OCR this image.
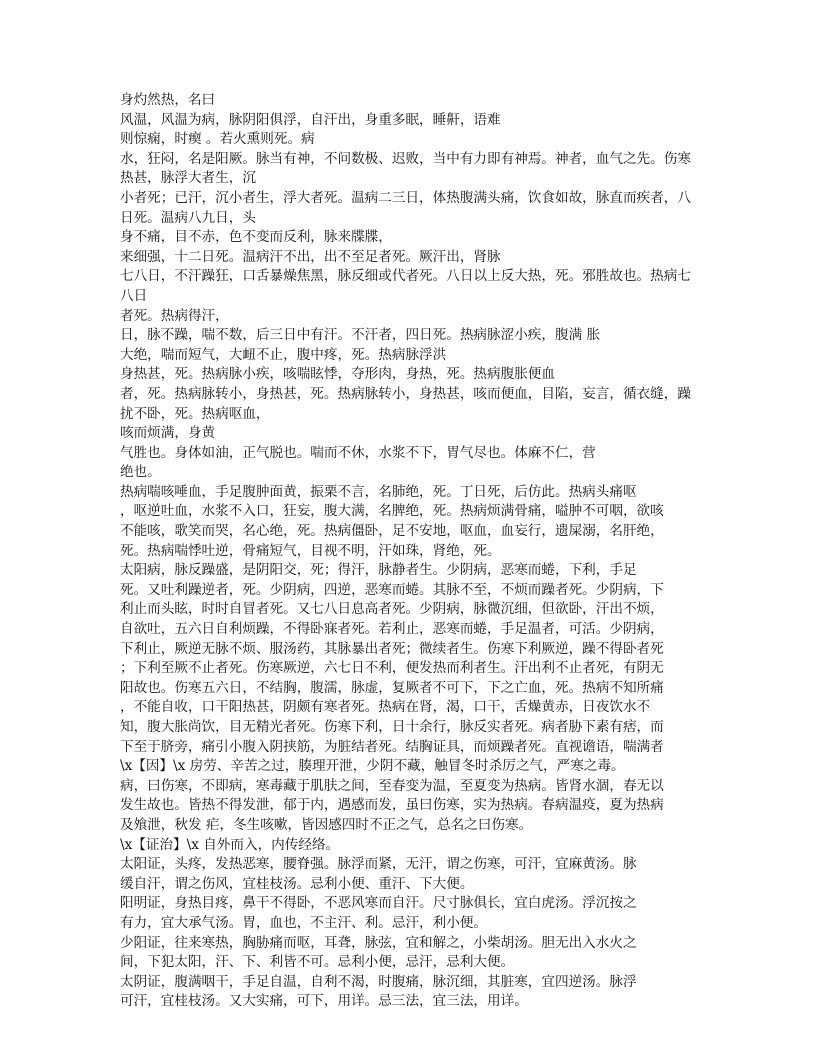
身灼然热，名曰
风温，风温为病，脉阴阳俱浮，自汗出，身重多眠，睡鼾，语难
则惊痫，时瘈 。若火熏则死。病
水，狂闷，名是阳厥。脉当有神，不问数极、迟败，当中有力即有神焉。神者，血气之先。伤寒热甚，脉浮大者生，沉
小者死；已汗，沉小者生，浮大者死。温病二三日，体热腹满头痛，饮食如故，脉直而疾者，八日死。温病八九日，头
身不痛，目不赤，色不变而反利，脉来牒牒，
来细强，十二日死。温病汗不出，出不至足者死。厥汗出，肾脉
七八日，不汗躁狂，口舌暴燥焦黑，脉反细或代者死。八日以上反大热，死。邪胜故也。热病七八日
者死。热病得汗，
日，脉不躁，喘不数，后三日中有汗。不汗者，四日死。热病脉涩小疾，腹满 胀
大绝，喘而短气，大衄不止，腹中疼，死。热病脉浮洪
身热甚，死。热病脉小疾，咳喘眩悸，夺形肉，身热，死。热病腹胀便血
者，死。热病脉转小，身热甚，死。热病脉转小，身热甚，咳而便血，目陷，妄言，循衣缝，躁扰不卧，死。热病呕血，
咳而烦满，身黄
气胜也。身体如油，正气脱也。喘而不休，水浆不下，胃气尽也。体麻不仁，营
绝也。
热病喘咳唾血，手足腹肿面黄，振栗不言，名肺绝，死。丁日死，后仿此。热病头痛呕
，呕逆吐血，水浆不入口，狂妄，腹大满，名脾绝，死。热病烦满骨痛，嗌肿不可咽，欲咳
不能咳，歌笑而哭，名心绝，死。热病僵卧，足不安地，呕血，血妄行，遗屎溺，名肝绝，
死。热病喘悸吐逆，骨痛短气，目视不明，汗如珠，肾绝，死。
太阳病，脉反躁盛，是阴阳交，死；得汗，脉静者生。少阴病，恶寒而蜷，下利，手足
死。又吐利躁逆者，死。少阴病，四逆，恶寒而蜷。其脉不至，不烦而躁者死。少阴病，下
利止而头眩，时时自冒者死。又七八日息高者死。少阴病，脉微沉细，但欲卧，汗出不烦，
自欲吐，五六日自利烦躁，不得卧寐者死。若利止，恶寒而蜷，手足温者，可活。少阴病，
下利止，厥逆无脉不烦、服汤药，其脉暴出者死；微续者生。伤寒下利厥逆，躁不得卧者死
；下利至厥不止者死。伤寒厥逆，六七日不利，便发热而利者生。汗出利不止者死，有阴无
阳故也。伤寒五六日，不结胸，腹濡，脉虚，复厥者不可下，下之亡血，死。热病不知所痛
，不能自收，口干阳热甚，阴颇有寒者死。热病在肾，渴，口干，舌燥黄赤，日夜饮水不
知，腹大胀尚饮，目无精光者死。伤寒下利，日十余行，脉反实者死。病者胁下素有痞，而
下至于脐旁，痛引小腹入阴挟筋，为脏结者死。结胸证具，而烦躁者死。直视谵语，喘满者
\x【因】\x 房劳、辛苦之过，腠理开泄，少阴不藏，触冒冬时杀厉之气，严寒之毒。
病，曰伤寒，不即病，寒毒藏于肌肤之间，至春变为温，至夏变为热病。皆肾水涸，春无以
发生故也。皆热不得发泄，郁于内，遇感而发，虽曰伤寒，实为热病。春病温疫，夏为热病
及飧泄，秋发 疟，冬生咳嗽，皆因感四时不正之气，总名之曰伤寒。
\x【证治】\x 自外而入，内传经络。
太阳证，头疼，发热恶寒，腰脊强。脉浮而紧，无汗，谓之伤寒，可汗，宜麻黄汤。脉
缓自汗，谓之伤风，宜桂枝汤。忌利小便、重汗、下大便。
阳明证，身热目疼，鼻干不得卧，不恶风寒而自汗。尺寸脉俱长，宜白虎汤。浮沉按之
有力，宜大承气汤。胃，血也，不主汗、利。忌汗，利小便。
少阳证，往来寒热，胸胁痛而呕，耳聋，脉弦，宜和解之，小柴胡汤。胆无出入水火之
间，下犯太阳，汗、下、利皆不可。忌利小便，忌汗，忌利大便。
太阴证，腹满咽干，手足自温，自利不渴，时腹痛，脉沉细，其脏寒，宜四逆汤。脉浮
可汗，宜桂枝汤。又大实痛，可下，用详。忌三法，宜三法，用详。
